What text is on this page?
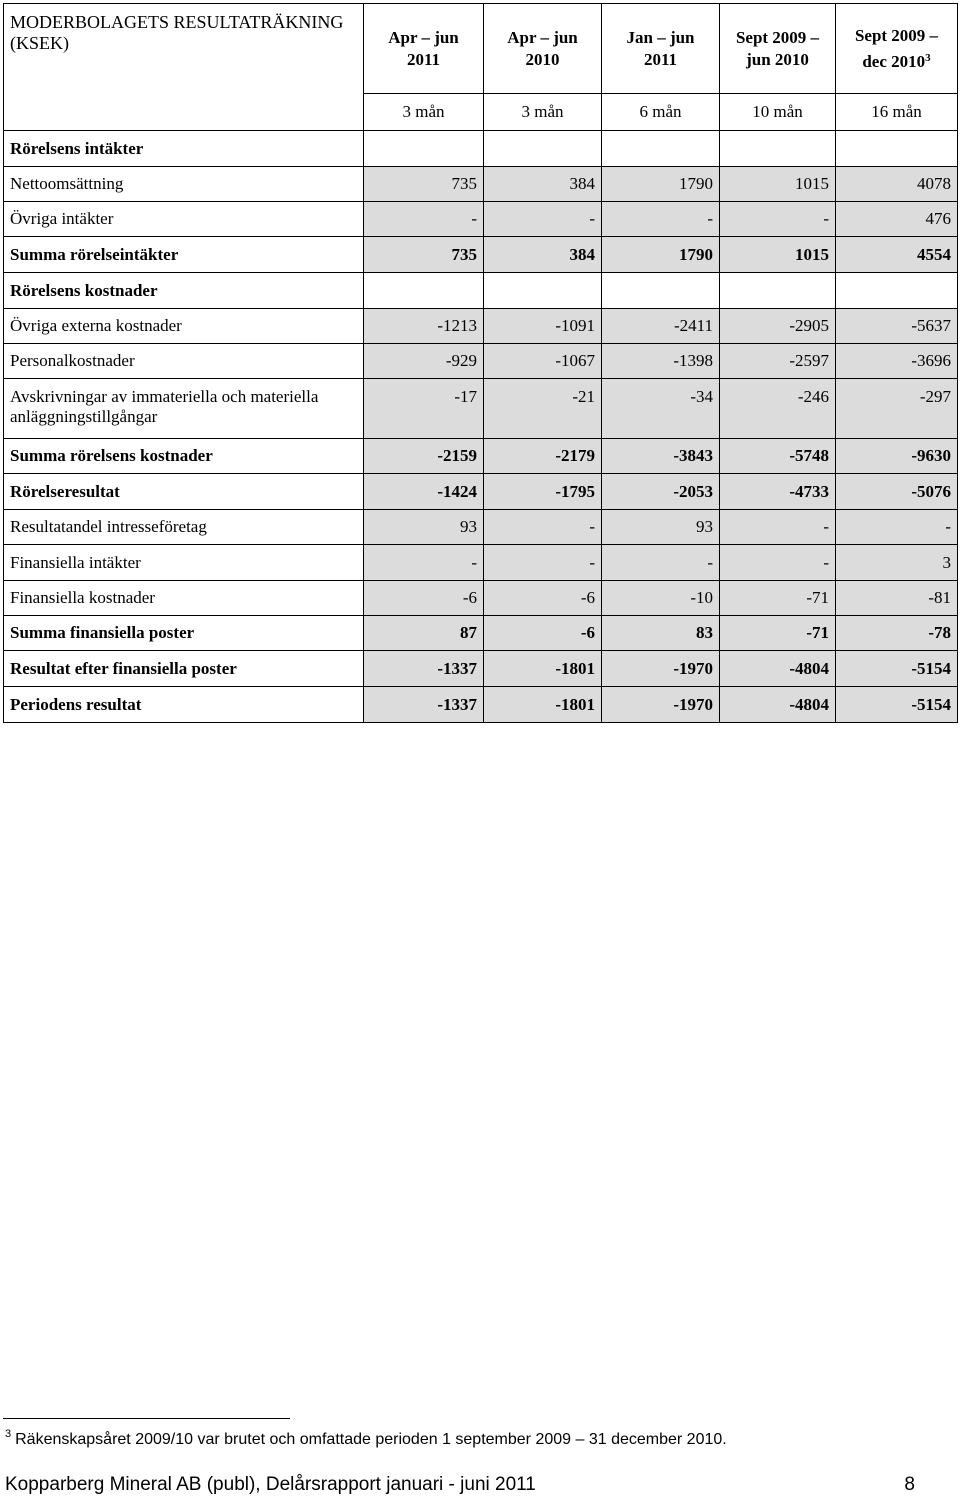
MODERBOLAGETS RESULTATRÄKNING (KSEK)	Apr – jun 2011	Apr – jun 2010	Jan – jun 2011	Sept 2009 – jun 2010	Sept 2009 – dec 2010$^3$
	3 mån	3 mån	6 mån	10 mån	16 mån
Rörelsens intäkter					
Nettoomsättning	735	384	1790	1015	4078
Övriga intäkter	-	-	-	-	476
Summa rörelseintäkter	735	384	1790	1015	4554
Rörelsens kostnader					
Övriga externa kostnader	-1213	-1091	-2411	-2905	-5637
Personalkostnader	-929	-1067	-1398	-2597	-3696
Avskrivningar av immateriella och materiella anläggningstillgångar	-17	-21	-34	-246	-297
Summa rörelsens kostnader	-2159	-2179	-3843	-5748	-9630
Rörelseresultat	-1424	-1795	-2053	-4733	-5076
Resultatandel intresseföretag	93	-	93	-	-
Finansiella intäkter	-	-	-	-	3
Finansiella kostnader	-6	-6	-10	-71	-81
Summa finansiella poster	87	-6	83	-71	-78
Resultat efter finansiella poster	-1337	-1801	-1970	-4804	-5154
Periodens resultat	-1337	-1801	-1970	-4804	-5154
$^3$ Räkenskapsåret 2009/10 var brutet och omfattade perioden 1 september 2009 – 31 december 2010.
Kopparberg Mineral AB (publ), Delårsrapport januari - juni 2011	8
